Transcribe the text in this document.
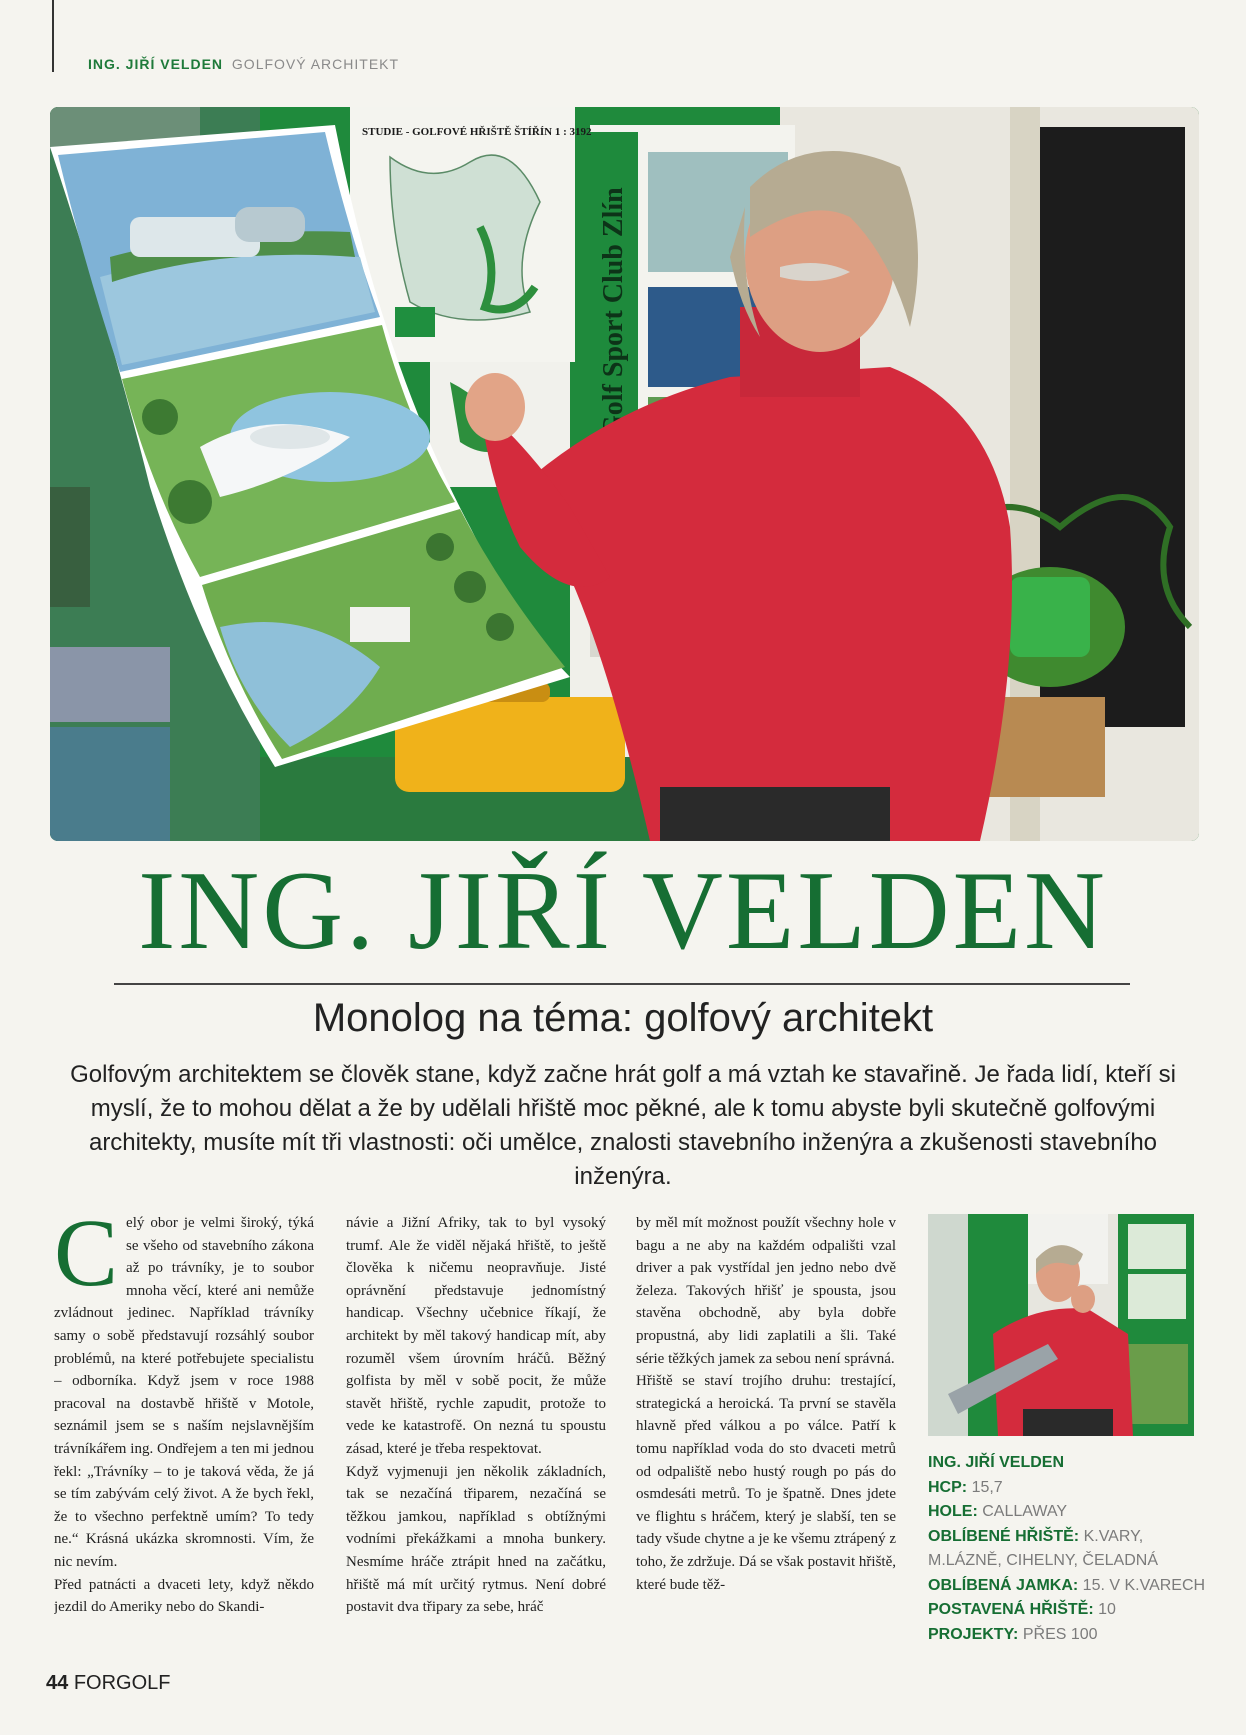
ING. JIŘÍ VELDEN GOLFOVÝ ARCHITEKT
Golf Sport Club Zlín
STUDIE - GOLFOVÉ HŘIŠTĚ ŠTÍŘÍN 1 : 3192
ING. JIŘÍ VELDEN
Monolog na téma: golfový architekt

Golfovým architektem se člověk stane, když začne hrát golf a má vztah ke stavařině. Je řada lidí, kteří si myslí, že to mohou dělat a že by udělali hřiště moc pěkné, ale k tomu abyste byli skutečně golfovými architekty, musíte mít tři vlastnosti: oči umělce, znalosti stavebního inženýra a zkušenosti stavebního inženýra.

Celý obor je velmi široký, týká se všeho od stavebního zákona až po trávníky, je to soubor mnoha věcí, které ani nemůže zvládnout jedinec. Například trávníky samy o sobě představují rozsáhlý soubor problémů, na které potřebujete specialistu – odborníka. Když jsem v roce 1988 pracoval na dostavbě hřiště v Motole, seznámil jsem se s naším nejslavnějším trávníkářem ing. Ondřejem a ten mi jednou řekl: „Trávníky – to je taková věda, že já se tím zabývám celý život. A že bych řekl, že to všechno perfektně umím? To tedy ne.“ Krásná ukázka skromnosti. Vím, že nic nevím.

Před patnácti a dvaceti lety, když někdo jezdil do Ameriky nebo do Skandi-

návie a Jižní Afriky, tak to byl vysoký trumf. Ale že viděl nějaká hřiště, to ještě člověka k ničemu neopravňuje. Jisté oprávnění představuje jednomístný handicap. Všechny učebnice říkají, že architekt by měl takový handicap mít, aby rozuměl všem úrovním hráčů. Běžný golfista by měl v sobě pocit, že může stavět hřiště, rychle zapudit, protože to vede ke katastrofě. On nezná tu spoustu zásad, které je třeba respektovat.

Když vyjmenuji jen několik základních, tak se nezačíná třiparem, nezačíná se těžkou jamkou, například s obtížnými vodními překážkami a mnoha bunkery. Nesmíme hráče ztrápit hned na začátku, hřiště má mít určitý rytmus. Není dobré postavit dva třipary za sebe, hráč

by měl mít možnost použít všechny hole v bagu a ne aby na každém odpališti vzal driver a pak vystřídal jen jedno nebo dvě železa. Takových hřišť je spousta, jsou stavěna obchodně, aby byla dobře propustná, aby lidi zaplatili a šli. Také série těžkých jamek za sebou není správná.

Hřiště se staví trojího druhu: trestající, strategická a heroická. Ta první se stavěla hlavně před válkou a po válce. Patří k tomu například voda do sto dvaceti metrů od odpaliště nebo hustý rough po pás do osmdesáti metrů. To je špatně. Dnes jdete ve flightu s hráčem, který je slabší, ten se tady všude chytne a je ke všemu ztrápený z toho, že zdržuje. Dá se však postavit hřiště, které bude těž-

ING. JIŘÍ VELDEN
HCP: 15,7
HOLE: CALLAWAY
OBLÍBENÉ HŘIŠTĚ: K.VARY,
M.LÁZNĚ, CIHELNY, ČELADNÁ
OBLÍBENÁ JAMKA: 15. V K.VARECH
POSTAVENÁ HŘIŠTĚ: 10
PROJEKTY: PŘES 100
44 FORGOLF
